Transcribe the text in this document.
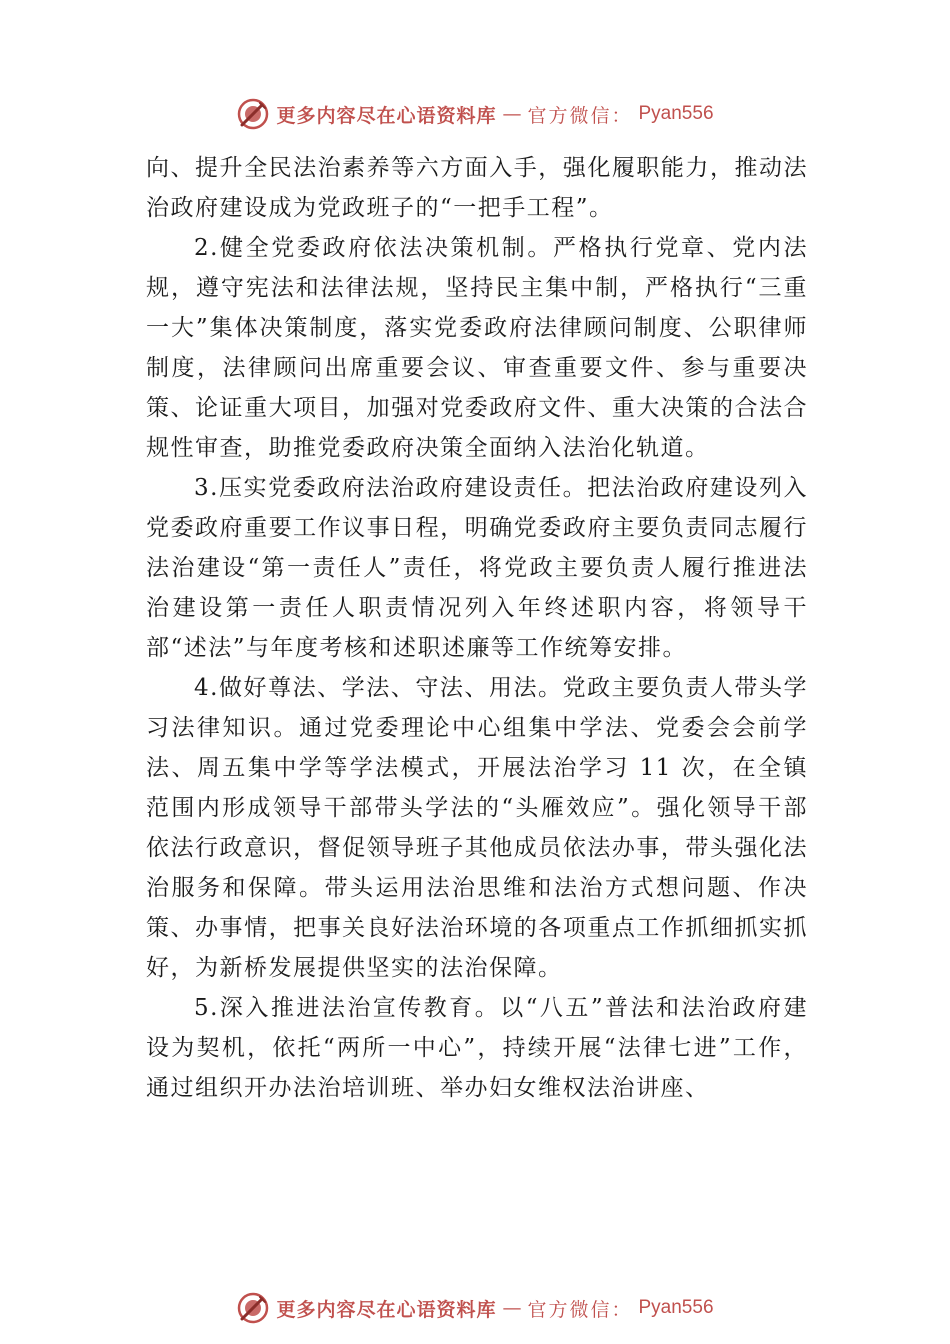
更多内容尽在心语资料库 — 官方微信： Pyan556

向、提升全民法治素养等六方面入手，强化履职能力，推动法治政府建设成为党政班子的“一把手工程”。

2.健全党委政府依法决策机制。严格执行党章、党内法规，遵守宪法和法律法规，坚持民主集中制，严格执行“三重一大”集体决策制度，落实党委政府法律顾问制度、公职律师制度，法律顾问出席重要会议、审查重要文件、参与重要决策、论证重大项目，加强对党委政府文件、重大决策的合法合规性审查，助推党委政府决策全面纳入法治化轨道。

3.压实党委政府法治政府建设责任。把法治政府建设列入党委政府重要工作议事日程，明确党委政府主要负责同志履行法治建设“第一责任人”责任，将党政主要负责人履行推进法治建设第一责任人职责情况列入年终述职内容，将领导干部“述法”与年度考核和述职述廉等工作统筹安排。

4.做好尊法、学法、守法、用法。党政主要负责人带头学习法律知识。通过党委理论中心组集中学法、党委会会前学法、周五集中学等学法模式，开展法治学习 11 次，在全镇范围内形成领导干部带头学法的“头雁效应”。强化领导干部依法行政意识，督促领导班子其他成员依法办事，带头强化法治服务和保障。带头运用法治思维和法治方式想问题、作决策、办事情，把事关良好法治环境的各项重点工作抓细抓实抓好，为新桥发展提供坚实的法治保障。

5.深入推进法治宣传教育。以“八五”普法和法治政府建设为契机，依托“两所一中心”，持续开展“法律七进”工作，通过组织开办法治培训班、举办妇女维权法治讲座、

更多内容尽在心语资料库 — 官方微信： Pyan556
